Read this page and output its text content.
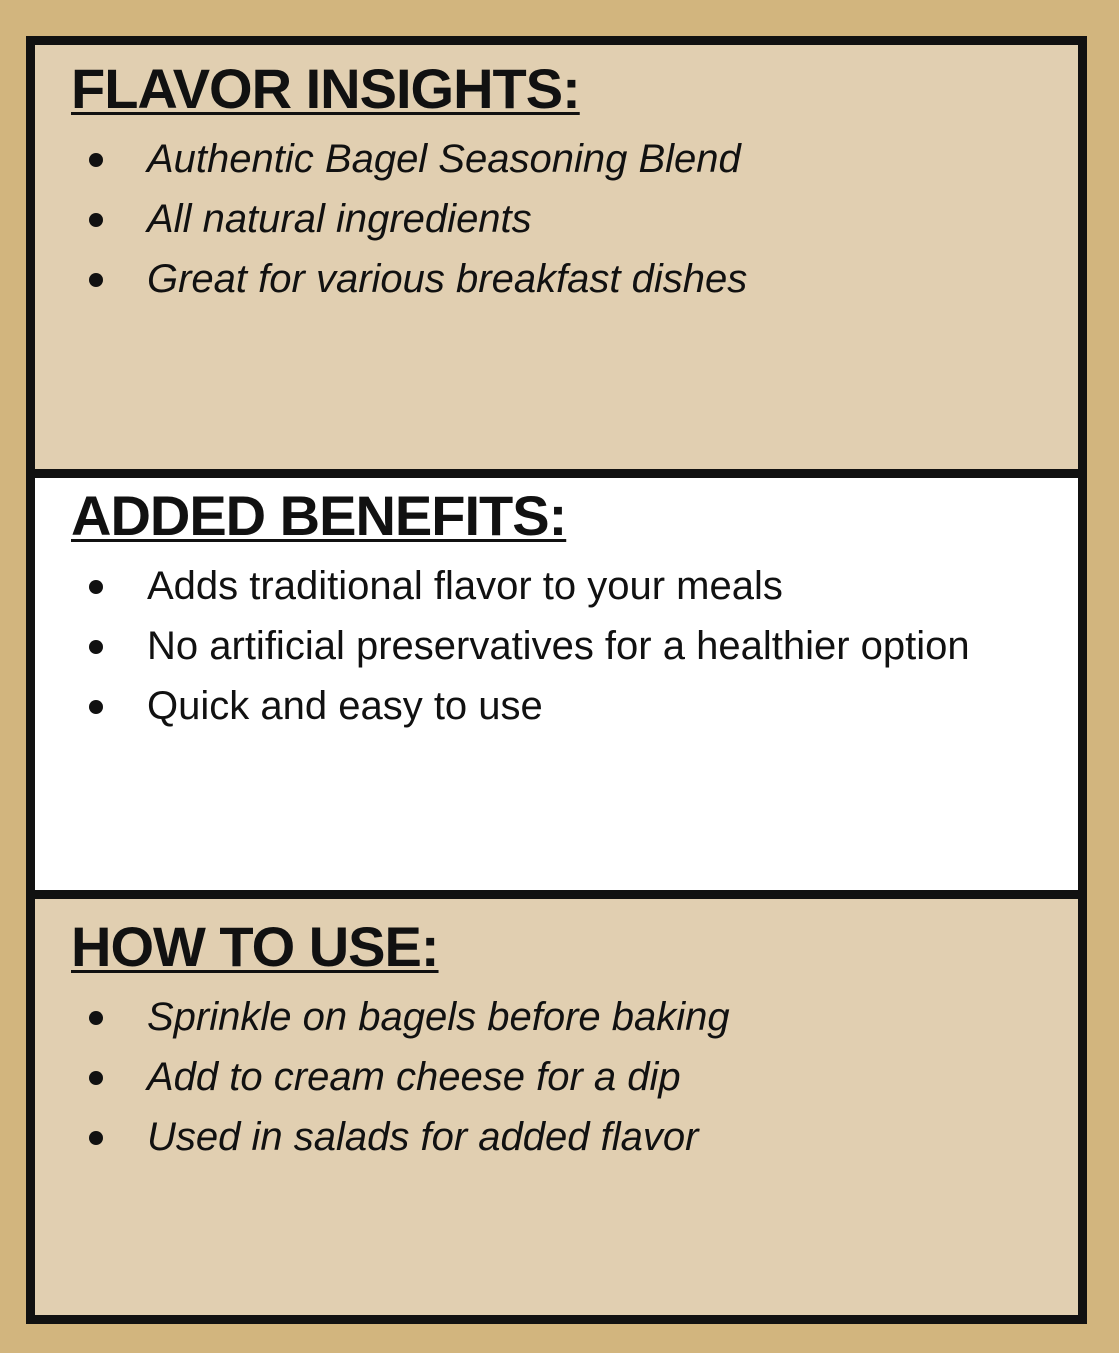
FLAVOR INSIGHTS:
Authentic Bagel Seasoning Blend
All natural ingredients
Great for various breakfast dishes
ADDED BENEFITS:
Adds traditional flavor to your meals
No artificial preservatives for a healthier option
Quick and easy to use
HOW TO USE:
Sprinkle on bagels before baking
Add to cream cheese for a dip
Used in salads for added flavor
